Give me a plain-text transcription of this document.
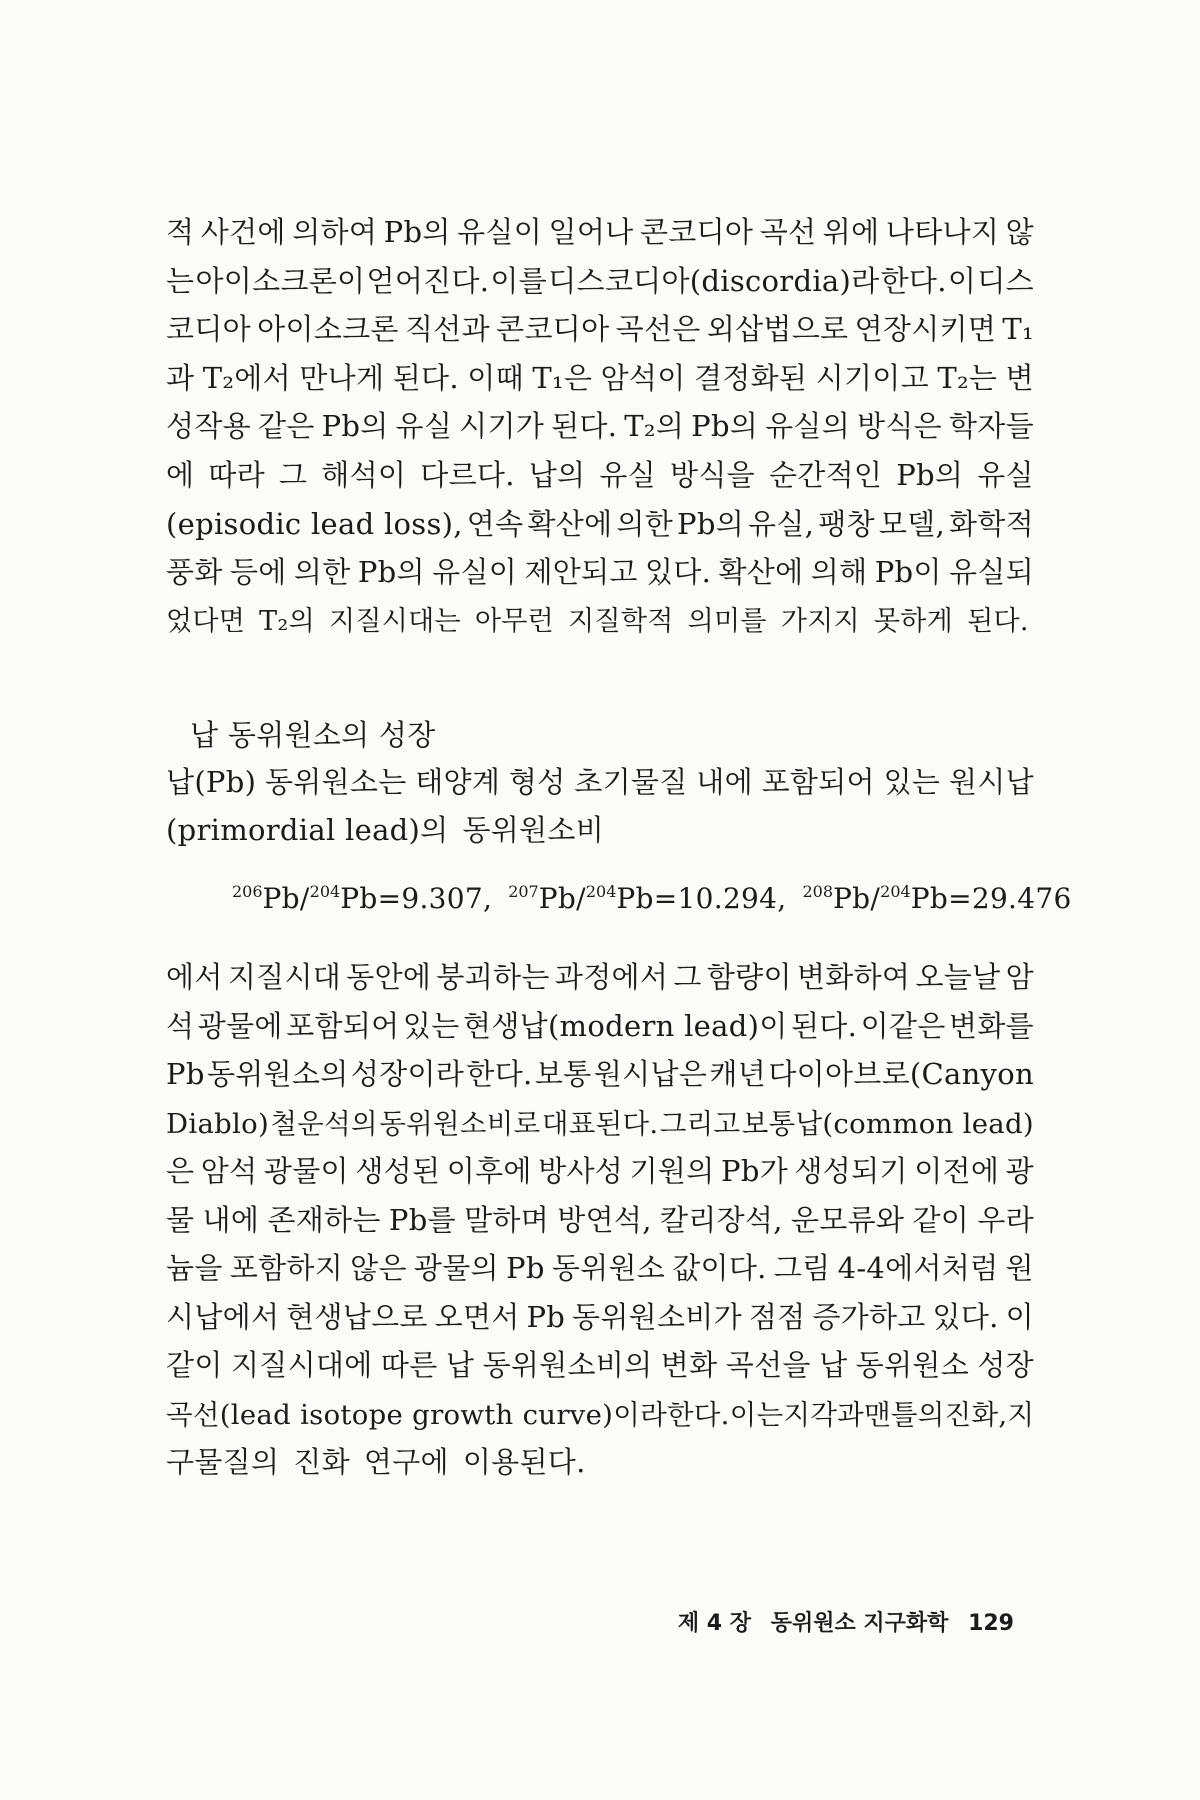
적 사건에 의하여 Pb의 유실이 일어나 콘코디아 곡선 위에 나타나지 않
는 아이소크론이 얻어진다. 이를 디스코디아(discordia)라 한다. 이 디스
코디아 아이소크론 직선과 콘코디아 곡선은 외삽법으로 연장시키면 T₁
과 T₂에서 만나게 된다. 이때 T₁은 암석이 결정화된 시기이고 T₂는 변
성작용 같은 Pb의 유실 시기가 된다. T₂의 Pb의 유실의 방식은 학자들
에 따라 그 해석이 다르다. 납의 유실 방식을 순간적인 Pb의 유실
(episodic lead loss), 연속 확산에 의한 Pb의 유실, 팽창 모델, 화학적
풍화 등에 의한 Pb의 유실이 제안되고 있다. 확산에 의해 Pb이 유실되
었다면 T₂의 지질시대는 아무런 지질학적 의미를 가지지 못하게 된다.
납 동위원소의 성장
납(Pb) 동위원소는 태양계 형성 초기물질 내에 포함되어 있는 원시납
(primordial lead)의 동위원소비
$^{206}$Pb/$^{204}$Pb=9.307, $^{207}$Pb/$^{204}$Pb=10.294, $^{208}$Pb/$^{204}$Pb=29.476
에서 지질시대 동안에 붕괴하는 과정에서 그 함량이 변화하여 오늘날 암
석 광물에 포함되어 있는 현생납(modern lead)이 된다. 이같은 변화를
Pb 동위원소의 성장이라 한다. 보통 원시납은 캐년 다이아브로(Canyon
Diablo) 철운석의 동위원소비로 대표된다. 그리고 보통납(common lead)
은 암석 광물이 생성된 이후에 방사성 기원의 Pb가 생성되기 이전에 광
물 내에 존재하는 Pb를 말하며 방연석, 칼리장석, 운모류와 같이 우라
늄을 포함하지 않은 광물의 Pb 동위원소 값이다. 그림 4-4에서처럼 원
시납에서 현생납으로 오면서 Pb 동위원소비가 점점 증가하고 있다. 이
같이 지질시대에 따른 납 동위원소비의 변화 곡선을 납 동위원소 성장
곡선(lead isotope growth curve)이라 한다. 이는 지각과 맨틀의 진화, 지
구물질의 진화 연구에 이용된다.
제 4 장 동위원소 지구화학 129
